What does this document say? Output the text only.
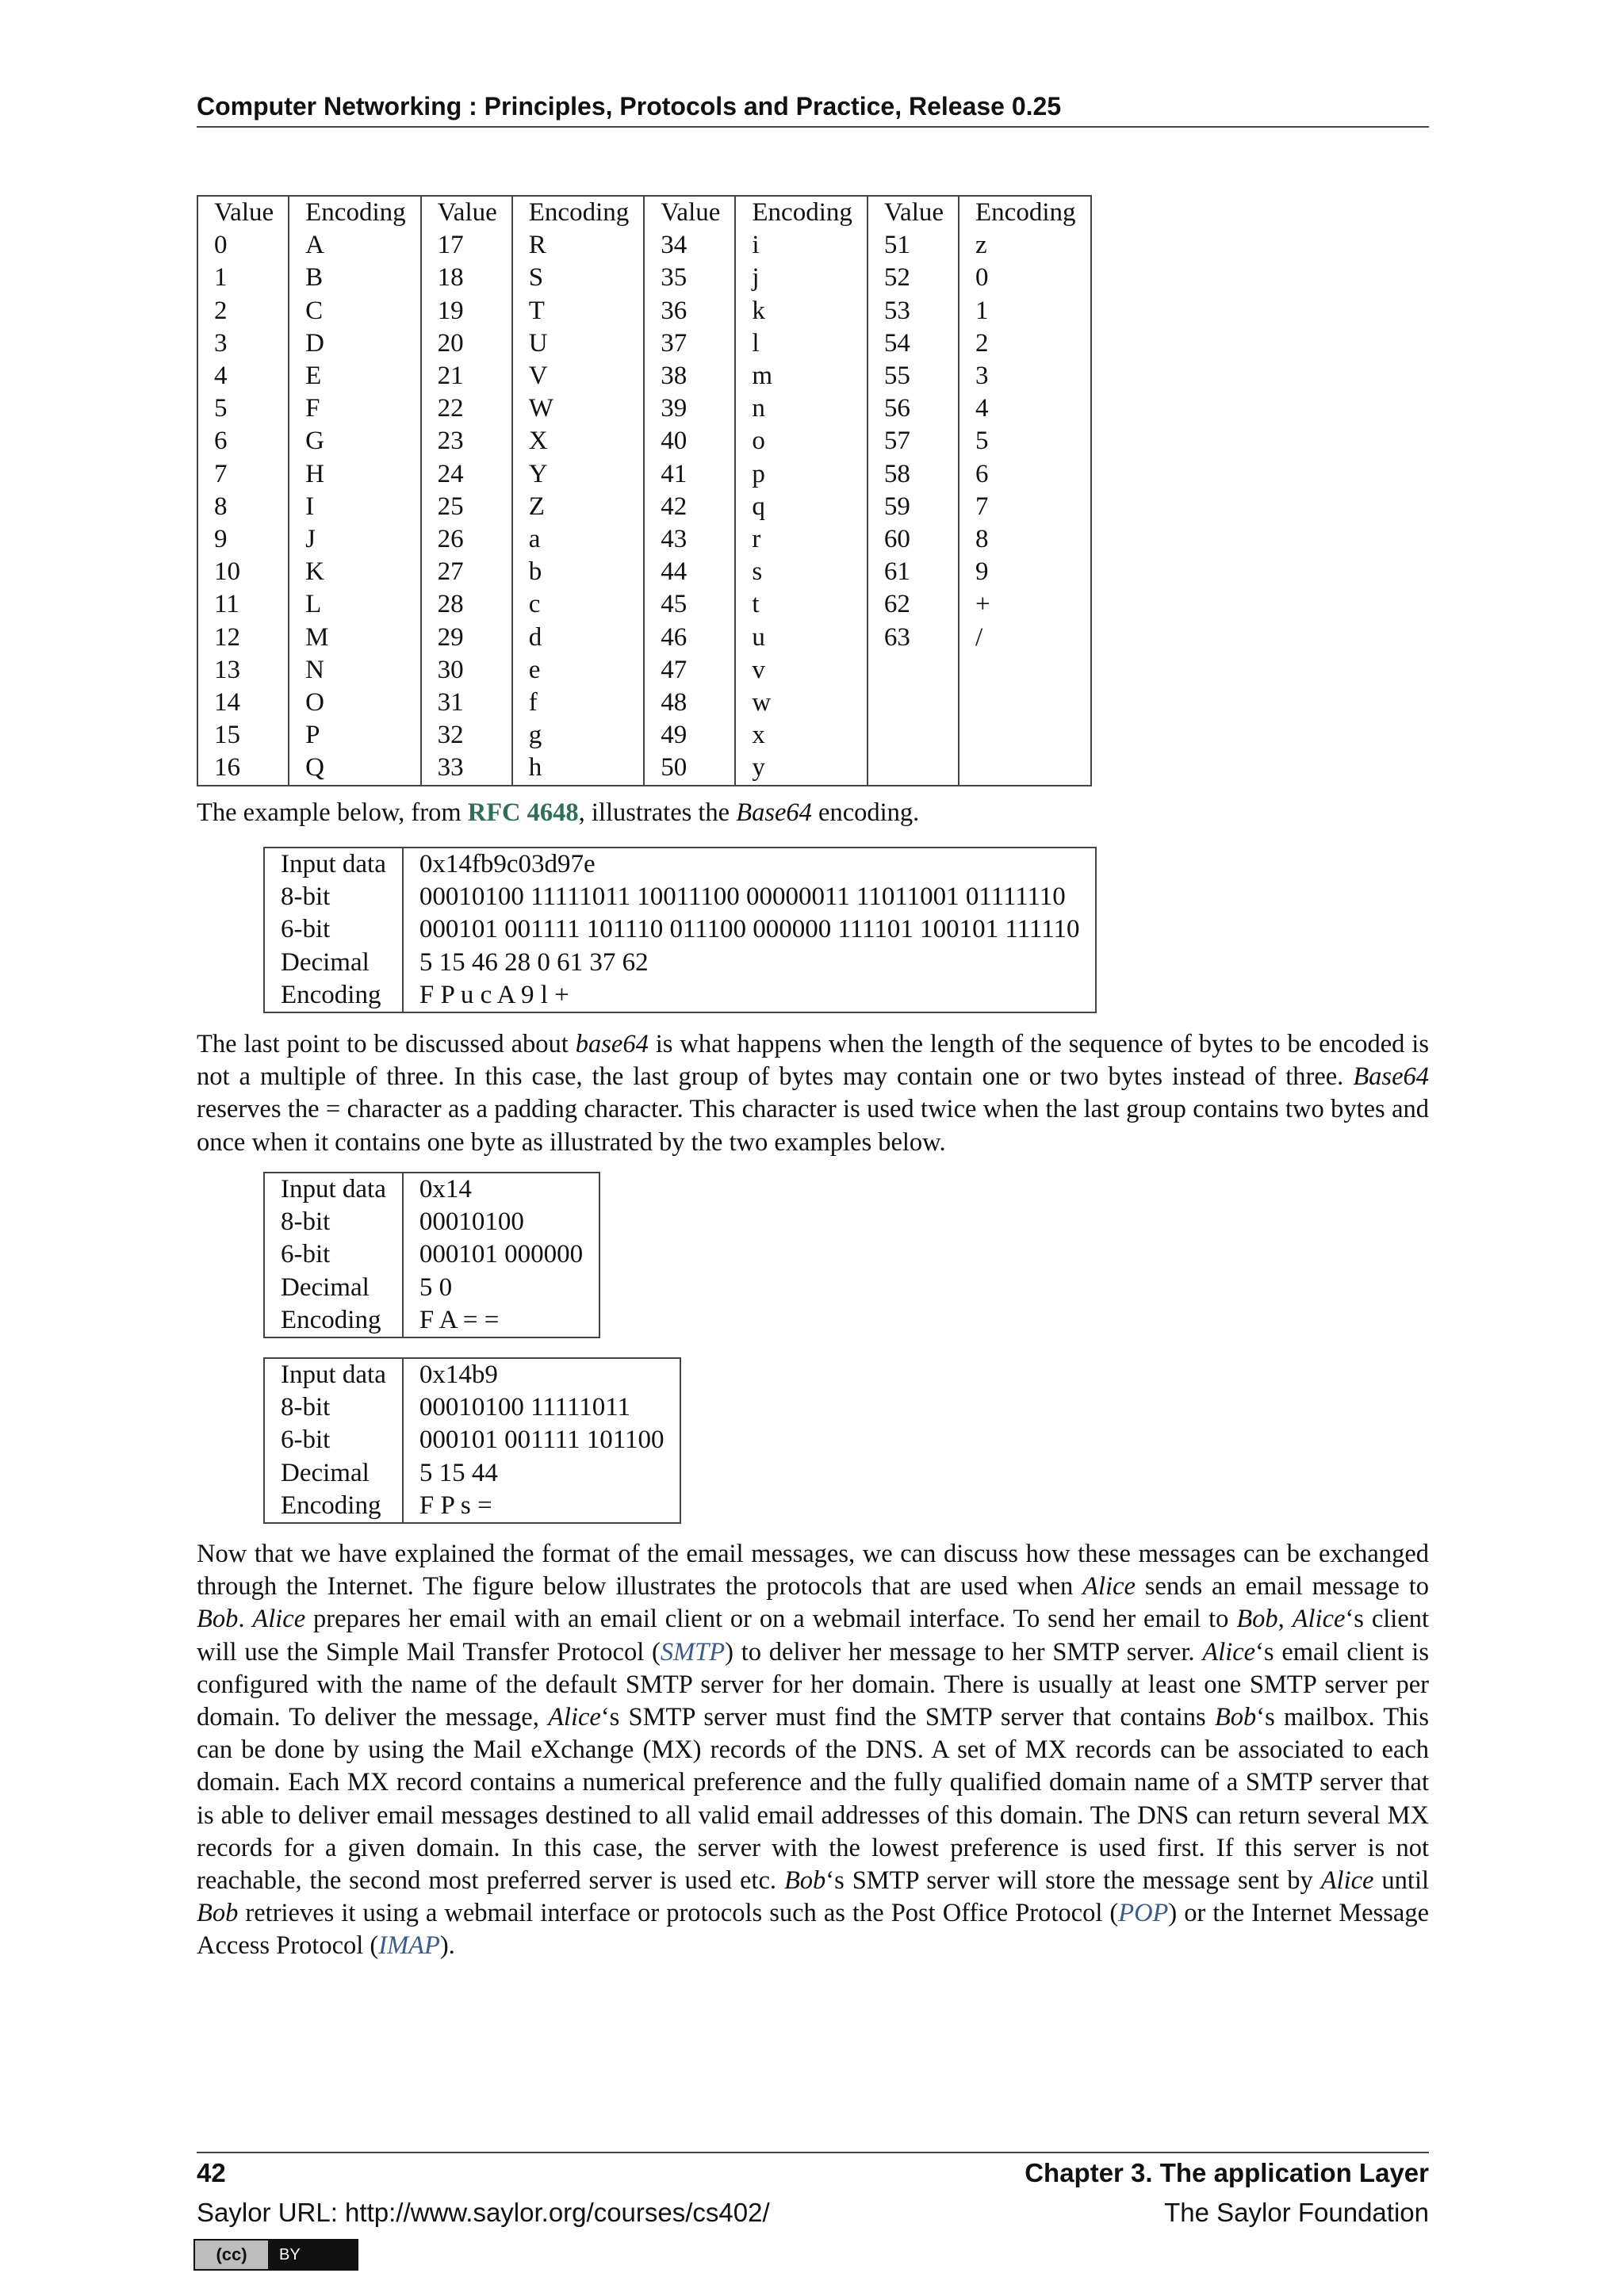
Computer Networking : Principles, Protocols and Practice, Release 0.25
Value	Encoding	Value	Encoding	Value	Encoding	Value	Encoding
0	A	17	R	34	i	51	z
1	B	18	S	35	j	52	0
2	C	19	T	36	k	53	1
3	D	20	U	37	l	54	2
4	E	21	V	38	m	55	3
5	F	22	W	39	n	56	4
6	G	23	X	40	o	57	5
7	H	24	Y	41	p	58	6
8	I	25	Z	42	q	59	7
9	J	26	a	43	r	60	8
10	K	27	b	44	s	61	9
11	L	28	c	45	t	62	+
12	M	29	d	46	u	63	/
13	N	30	e	47	v		
14	O	31	f	48	w		
15	P	32	g	49	x		
16	Q	33	h	50	y		

The example below, from RFC 4648, illustrates the Base64 encoding.

Input data	0x14fb9c03d97e
8-bit	00010100 11111011 10011100 00000011 11011001 01111110
6-bit	000101 001111 101110 011100 000000 111101 100101 111110
Decimal	5 15 46 28 0 61 37 62
Encoding	F P u c A 9 l +

The last point to be discussed about base64 is what happens when the length of the sequence of bytes to be encoded is not a multiple of three. In this case, the last group of bytes may contain one or two bytes instead of three. Base64 reserves the = character as a padding character. This character is used twice when the last group contains two bytes and once when it contains one byte as illustrated by the two examples below.

Input data	0x14
8-bit	00010100
6-bit	000101 000000
Decimal	5 0
Encoding	F A = =
Input data	0x14b9
8-bit	00010100 11111011
6-bit	000101 001111 101100
Decimal	5 15 44
Encoding	F P s =

Now that we have explained the format of the email messages, we can discuss how these messages can be exchanged through the Internet. The figure below illustrates the protocols that are used when Alice sends an email message to Bob. Alice prepares her email with an email client or on a webmail interface. To send her email to Bob, Alice‘s client will use the Simple Mail Transfer Protocol (SMTP) to deliver her message to her SMTP server. Alice‘s email client is configured with the name of the default SMTP server for her domain. There is usually at least one SMTP server per domain. To deliver the message, Alice‘s SMTP server must find the SMTP server that contains Bob‘s mailbox. This can be done by using the Mail eXchange (MX) records of the DNS. A set of MX records can be associated to each domain. Each MX record contains a numerical preference and the fully qualified domain name of a SMTP server that is able to deliver email messages destined to all valid email addresses of this domain. The DNS can return several MX records for a given domain. In this case, the server with the lowest preference is used first. If this server is not reachable, the second most preferred server is used etc. Bob‘s SMTP server will store the message sent by Alice until Bob retrieves it using a webmail interface or protocols such as the Post Office Protocol (POP) or the Internet Message Access Protocol (IMAP).

42	Chapter 3. The application Layer
Saylor URL: http://www.saylor.org/courses/cs402/	The Saylor Foundation
(cc)	BY
